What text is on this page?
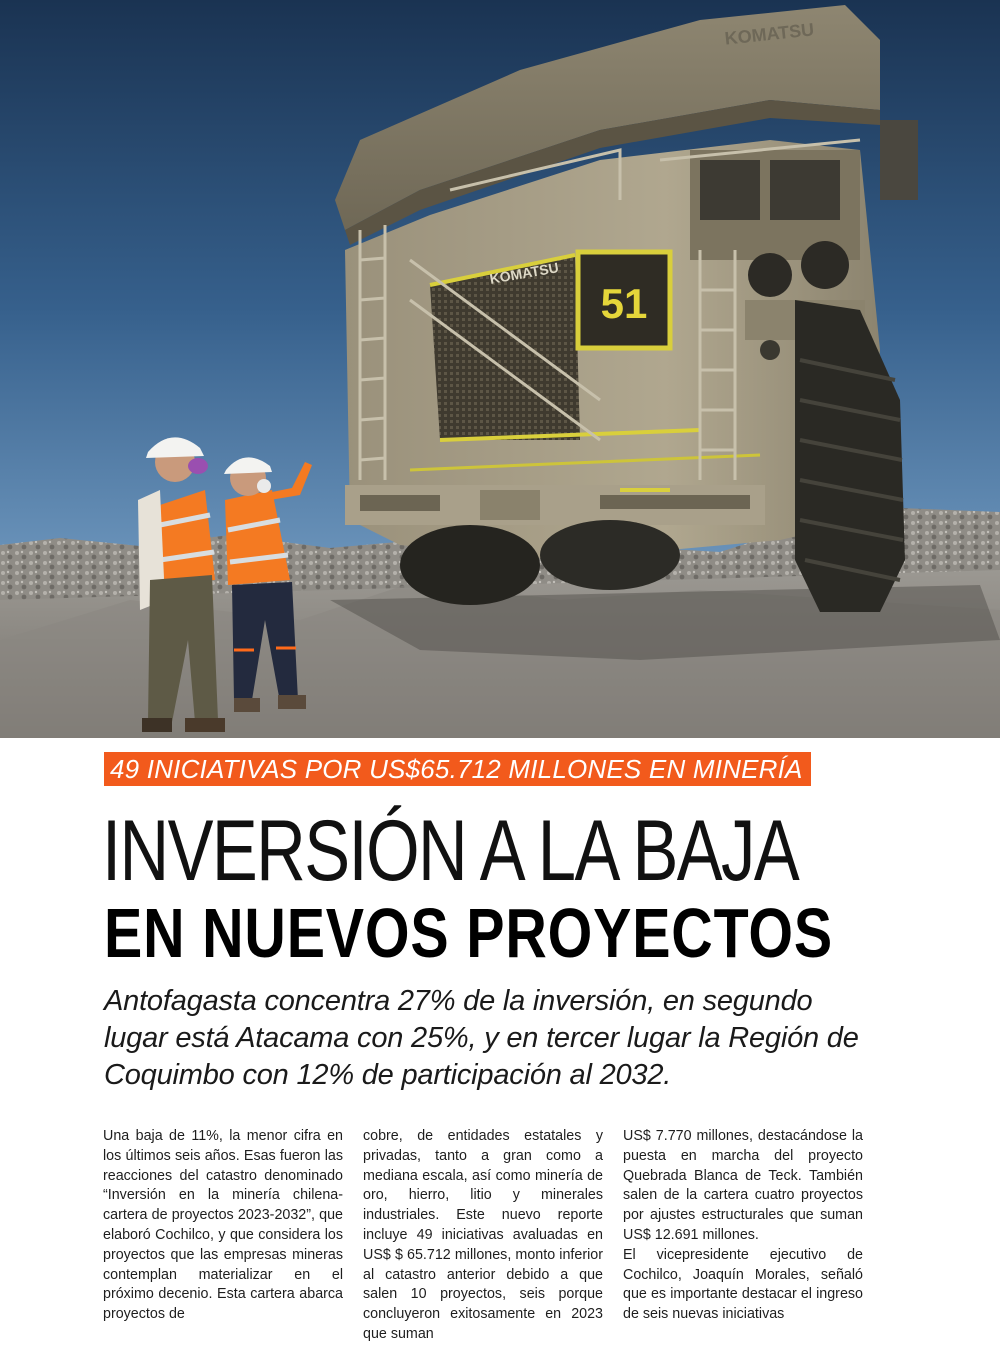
51
KOMATSU
KOMATSU
49 INICIATIVAS POR US$65.712 MILLONES EN MINERÍA
INVERSIÓN A LA BAJA
EN NUEVOS PROYECTOS

Antofagasta concentra 27% de la inversión, en segundo lugar está Atacama con 25%, y en tercer lugar la Región de Coquimbo con 12% de participación al 2032.

Una baja de 11%, la menor cifra en los últimos seis años. Esas fueron las reacciones del catastro denominado “Inversión en la minería chilena-cartera de proyectos 2023-2032”, que elaboró Cochilco, y que considera los proyectos que las empresas mineras contemplan materializar en el próximo decenio. Esta cartera abarca proyectos de

cobre, de entidades estatales y privadas, tanto a gran como a mediana escala, así como minería de oro, hierro, litio y minerales industriales. Este nuevo reporte incluye 49 iniciativas avaluadas en US$ $ 65.712 millones, monto inferior al catastro anterior debido a que salen 10 proyectos, seis porque concluyeron exitosamente en 2023 que suman

US$ 7.770 millones, destacándose la puesta en marcha del proyecto Quebrada Blanca de Teck. También salen de la cartera cuatro proyectos por ajustes estructurales que suman US$ 12.691 millones.

El vicepresidente ejecutivo de Cochilco, Joaquín Morales, señaló que es importante destacar el ingreso de seis nuevas iniciativas
